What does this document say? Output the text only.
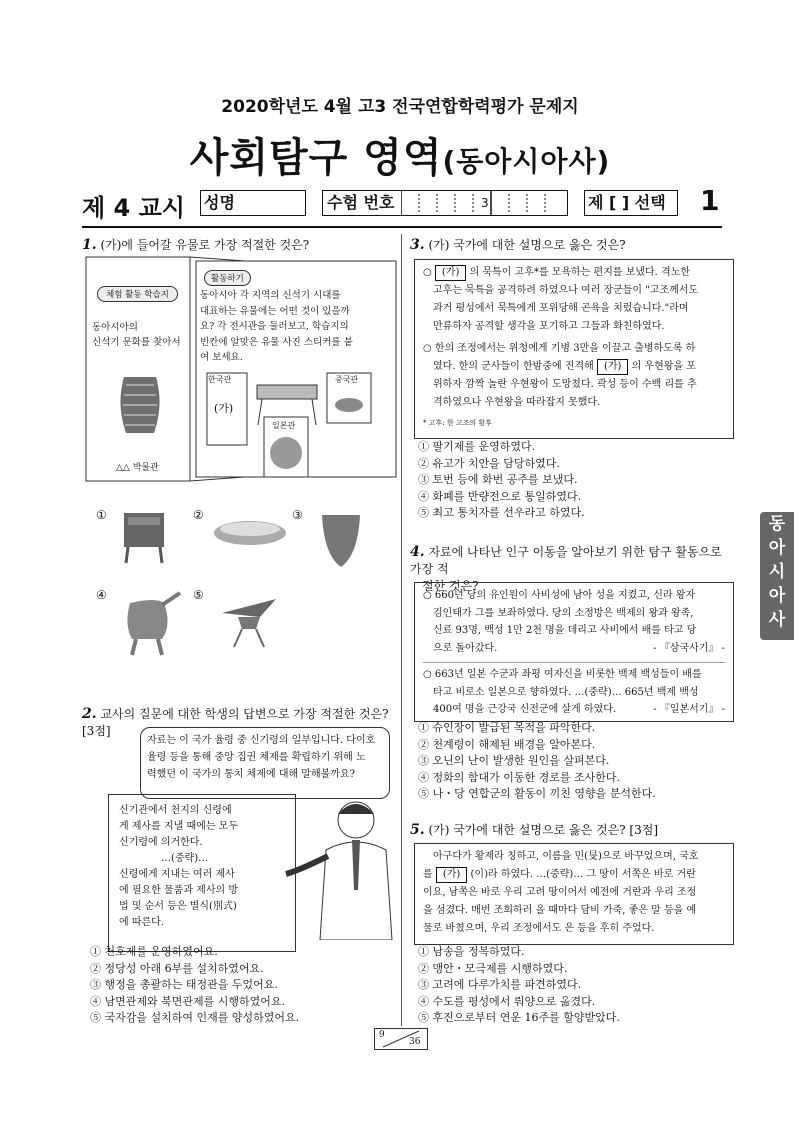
2020학년도 4월 고3 전국연합학력평가 문제지
사회탐구 영역(동아시아사)
제 4 교시 성명	수험 번호	3	제 [ ] 선택	1
동
아
시
아
사
1. (가)에 들어갈 유물로 가장 적절한 것은?
체험 활동 학습지
동아시아의
신석기 문화를 찾아서
△△ 박물관
활동하기
동아시아 각 지역의 신석기 시대를
대표하는 유물에는 어떤 것이 있을까
요? 각 전시관을 둘러보고, 학습지의
빈칸에 알맞은 유물 사진 스티커를 붙
여 보세요.
한국관
(가)
중국관
일본관
①	②	③
④	⑤
2. 교사의 질문에 대한 학생의 답변으로 가장 적절한 것은? [3점]
자료는 이 국가 율령 중 신기령의 일부입니다. 다이호
율령 등을 통해 중앙 집권 체제를 확립하기 위해 노
력했던 이 국가의 통치 체제에 대해 말해볼까요?
신기관에서 천지의 신령에
게 제사를 지낼 때에는 모두
신기령에 의거한다.
…(중략)…
신령에게 지내는 여러 제사
에 필요한 물품과 제사의 방
법 및 순서 등은 별식(別式)
에 따른다.
① 천호제를 운영하였어요.
② 정당성 아래 6부를 설치하였어요.
③ 행정을 총괄하는 태정관을 두었어요.
④ 남면관제와 북면관제를 시행하였어요.
⑤ 국자감을 설치하여 인재를 양성하였어요.
3. (가) 국가에 대한 설명으로 옳은 것은?
○ (가) 의 묵특이 고후*를 모욕하는 편지를 보냈다. 격노한
고후는 묵특을 공격하려 하였으나 여러 장군들이 "고조께서도
과거 평성에서 묵특에게 포위당해 곤욕을 치렀습니다."라며
만류하자 공격할 생각을 포기하고 그들과 화친하였다.
○ 한의 조정에서는 위청에게 기병 3만을 이끌고 출병하도록 하
였다. 한의 군사들이 한밤중에 진격해 (가) 의 우현왕을 포
위하자 깜짝 놀란 우현왕이 도망쳤다. 곽성 등이 수백 리를 추
격하였으나 우현왕을 따라잡지 못했다.
* 고후: 한 고조의 황후
① 팔기제를 운영하였다.
② 유고가 치안을 담당하였다.
③ 토번 등에 화번 공주를 보냈다.
④ 화폐를 반량전으로 통일하였다.
⑤ 최고 통치자를 선우라고 하였다.
4. 자료에 나타난 인구 이동을 알아보기 위한 탐구 활동으로 가장 적
절한 것은?
○ 660년 당의 유인원이 사비성에 남아 성을 지켰고, 신라 왕자
김인태가 그를 보좌하였다. 당의 소정방은 백제의 왕과 왕족,
신료 93명, 백성 1만 2천 명을 데리고 사비에서 배를 타고 당
으로 돌아갔다.	- 『삼국사기』 -
○ 663년 일본 수군과 좌평 여자신을 비롯한 백제 백성들이 배를
타고 비로소 일본으로 향하였다. …(중략)… 665년 백제 백성
400여 명을 근강국 신전군에 살게 하였다.	- 『일본서기』 -
① 슈인장이 발급된 목적을 파악한다.
② 천계령이 해제된 배경을 알아본다.
③ 오닌의 난이 발생한 원인을 살펴본다.
④ 정화의 함대가 이동한 경로를 조사한다.
⑤ 나・당 연합군의 활동이 끼친 영향을 분석한다.
5. (가) 국가에 대한 설명으로 옳은 것은? [3점]
아구다가 황제라 칭하고, 이름을 민(旻)으로 바꾸었으며, 국호
를 (가) (이)라 하였다. …(중략)… 그 땅이 서쪽은 바로 거란
이요, 남쪽은 바로 우리 고려 땅이어서 예전에 거란과 우리 조정
을 섬겼다. 매번 조회하러 올 때마다 담비 가죽, 좋은 말 등을 예
물로 바쳤으며, 우리 조정에서도 은 등을 후히 주었다.
① 남송을 정복하였다.
② 맹안・모극제를 시행하였다.
③ 고려에 다루가치를 파견하였다.
④ 수도를 평성에서 뤄양으로 옮겼다.
⑤ 후진으로부터 연운 16주를 할양받았다.
9
36
